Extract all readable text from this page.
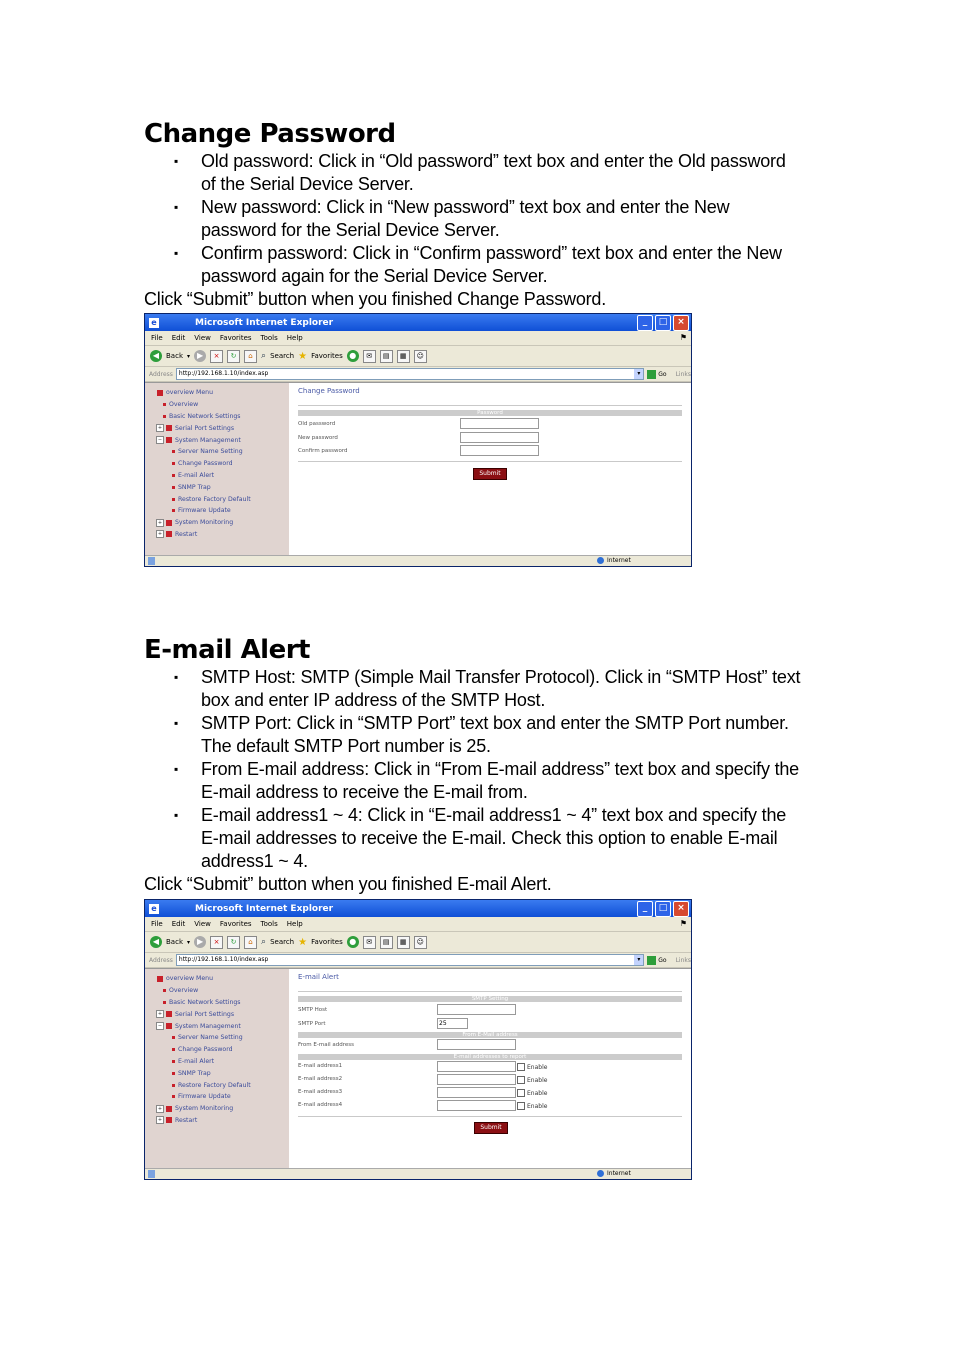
Change Password
▪	Old password: Click in “Old password” text box and enter the Old password
of the Serial Device Server.
▪	New password: Click in “New password” text box and enter the New
password for the Serial Device Server.
▪	Confirm password: Click in “Confirm password” text box and enter the New
password again for the Serial Device Server.
Click “Submit” button when you finished Change Password.
e	Microsoft Internet Explorer	_	□	×
File Edit View Favorites Tools Help	⚑
◀ Back ▾ ▶	×	↻	⌂ ⌕ Search ★ Favorites ●	✉	▤	▦	☺
Address	http://192.168.1.10/index.asp	▾	Go Links
overview Menu
Overview
Basic Network Settings
+	Serial Port Settings
−	System Management
Server Name Setting
Change Password
E-mail Alert
SNMP Trap
Restore Factory Default
Firmware Update
+	System Monitoring
+	Restart
Change Password
Password
Old password
New password
Confirm password
Submit
Internet
E-mail Alert
▪	SMTP Host: SMTP (Simple Mail Transfer Protocol). Click in “SMTP Host” text
box and enter IP address of the SMTP Host.
▪	SMTP Port: Click in “SMTP Port” text box and enter the SMTP Port number.
The default SMTP Port number is 25.
▪	From E-mail address: Click in “From E-mail address” text box and specify the
E-mail address to receive the E-mail from.
▪	E-mail address1 ~ 4: Click in “E-mail address1 ~ 4” text box and specify the
E-mail addresses to receive the E-mail. Check this option to enable E-mail
address1 ~ 4.
Click “Submit” button when you finished E-mail Alert.
e	Microsoft Internet Explorer	_	□	×
File Edit View Favorites Tools Help	⚑
◀ Back ▾ ▶	×	↻	⌂ ⌕ Search ★ Favorites ●	✉	▤	▦	☺
Address	http://192.168.1.10/index.asp	▾	Go Links
overview Menu
Overview
Basic Network Settings
+	Serial Port Settings
−	System Management
Server Name Setting
Change Password
E-mail Alert
SNMP Trap
Restore Factory Default
Firmware Update
+	System Monitoring
+	Restart
E-mail Alert
SMTP Setting
SMTP Host
SMTP Port	25
From E-Mail address
From E-mail address
E-mail addresses to report
E-mail address1	Enable
E-mail address2	Enable
E-mail address3	Enable
E-mail address4	Enable
Submit
Internet
